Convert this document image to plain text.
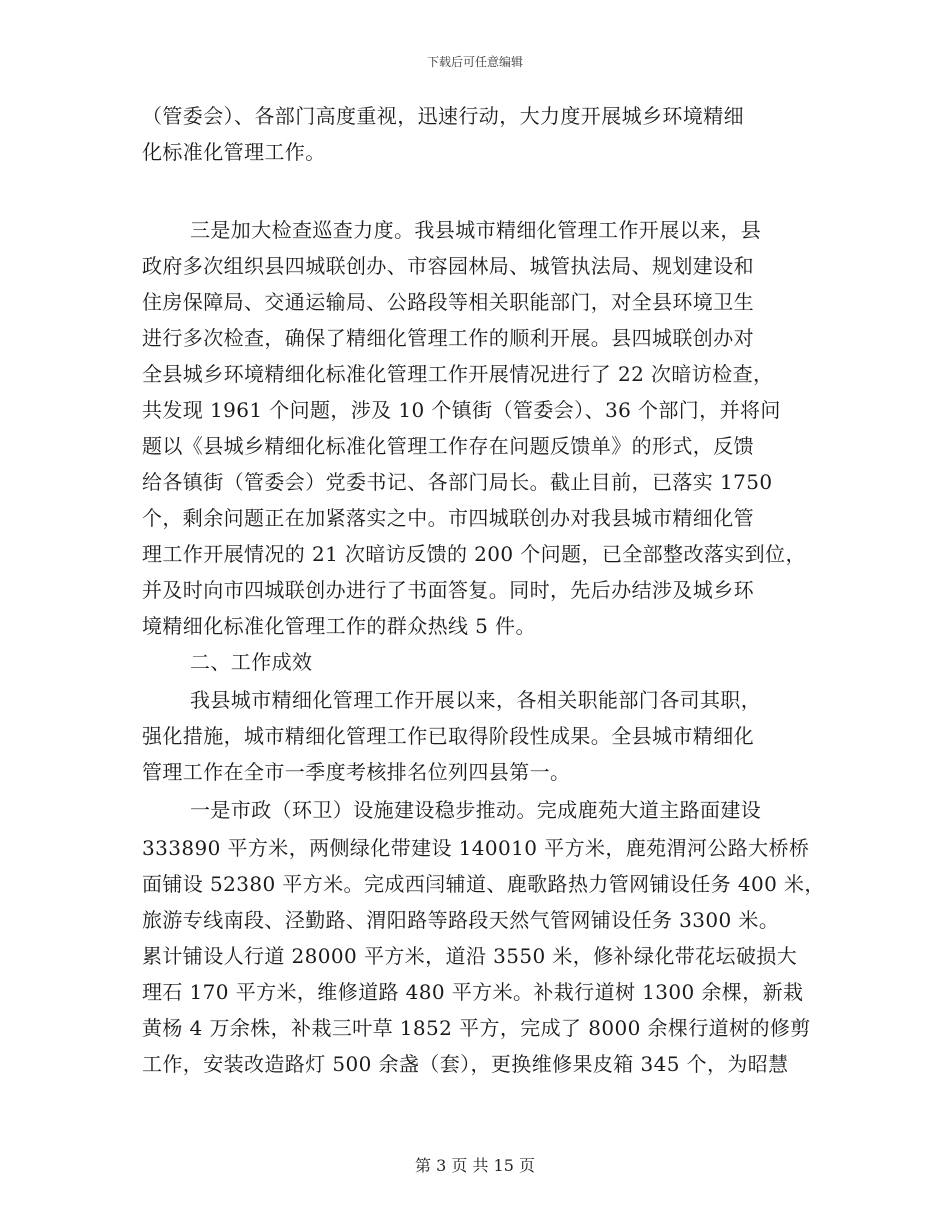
下载后可任意编辑
（管委会）、各部门高度重视，迅速行动，大力度开展城乡环境精细
化标准化管理工作。
三是加大检查巡查力度。我县城市精细化管理工作开展以来，县
政府多次组织县四城联创办、市容园林局、城管执法局、规划建设和
住房保障局、交通运输局、公路段等相关职能部门，对全县环境卫生
进行多次检查，确保了精细化管理工作的顺利开展。县四城联创办对
全县城乡环境精细化标准化管理工作开展情况进行了 22 次暗访检查，
共发现 1961 个问题，涉及 10 个镇街（管委会）、36 个部门，并将问
题以《县城乡精细化标准化管理工作存在问题反馈单》的形式，反馈
给各镇街（管委会）党委书记、各部门局长。截止目前，已落实 1750
个，剩余问题正在加紧落实之中。市四城联创办对我县城市精细化管
理工作开展情况的 21 次暗访反馈的 200 个问题，已全部整改落实到位，
并及时向市四城联创办进行了书面答复。同时，先后办结涉及城乡环
境精细化标准化管理工作的群众热线 5 件。
二、工作成效
我县城市精细化管理工作开展以来，各相关职能部门各司其职，
强化措施，城市精细化管理工作已取得阶段性成果。全县城市精细化
管理工作在全市一季度考核排名位列四县第一。
一是市政（环卫）设施建设稳步推动。完成鹿苑大道主路面建设
333890 平方米，两侧绿化带建设 140010 平方米，鹿苑渭河公路大桥桥
面铺设 52380 平方米。完成西闫辅道、鹿歌路热力管网铺设任务 400 米，
旅游专线南段、泾勤路、渭阳路等路段天然气管网铺设任务 3300 米。
累计铺设人行道 28000 平方米，道沿 3550 米，修补绿化带花坛破损大
理石 170 平方米，维修道路 480 平方米。补栽行道树 1300 余棵，新栽
黄杨 4 万余株，补栽三叶草 1852 平方，完成了 8000 余棵行道树的修剪
工作，安装改造路灯 500 余盏（套），更换维修果皮箱 345 个，为昭慧
第 3 页 共 15 页
